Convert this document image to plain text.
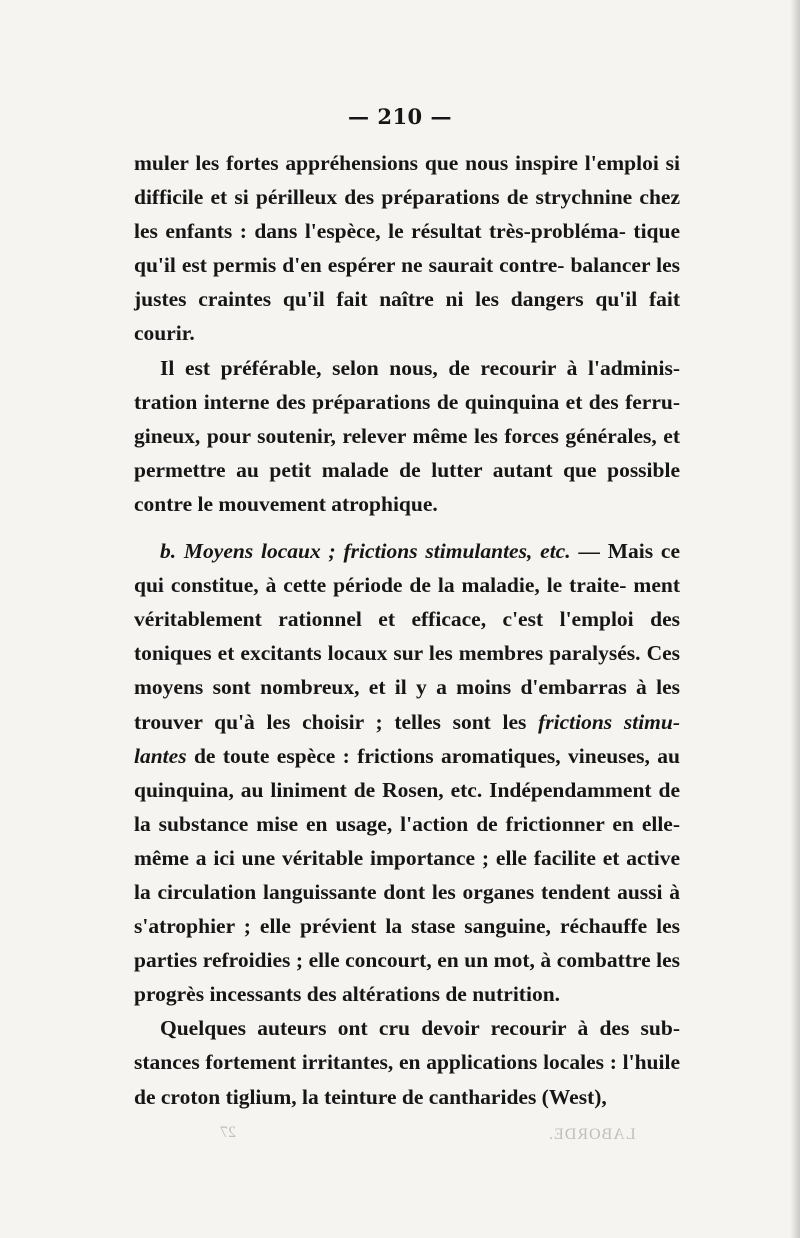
— 210 —

muler les fortes appréhensions que nous inspire l'emploi si difficile et si périlleux des préparations de strychnine chez les enfants : dans l'espèce, le résultat très-probléma- tique qu'il est permis d'en espérer ne saurait contre- balancer les justes craintes qu'il fait naître ni les dangers qu'il fait courir.

Il est préférable, selon nous, de recourir à l'adminis- tration interne des préparations de quinquina et des ferru- gineux, pour soutenir, relever même les forces générales, et permettre au petit malade de lutter autant que possible contre le mouvement atrophique.

b. Moyens locaux ; frictions stimulantes, etc. — Mais ce qui constitue, à cette période de la maladie, le traite- ment véritablement rationnel et efficace, c'est l'emploi des toniques et excitants locaux sur les membres paralysés. Ces moyens sont nombreux, et il y a moins d'embarras à les trouver qu'à les choisir ; telles sont les frictions stimu- lantes de toute espèce : frictions aromatiques, vineuses, au quinquina, au liniment de Rosen, etc. Indépendamment de la substance mise en usage, l'action de frictionner en elle-même a ici une véritable importance ; elle facilite et active la circulation languissante dont les organes tendent aussi à s'atrophier ; elle prévient la stase sanguine, réchauffe les parties refroidies ; elle concourt, en un mot, à combattre les progrès incessants des altérations de nutrition.

Quelques auteurs ont cru devoir recourir à des sub- stances fortement irritantes, en applications locales : l'huile de croton tiglium, la teinture de cantharides (West),

LABORDE.
27
